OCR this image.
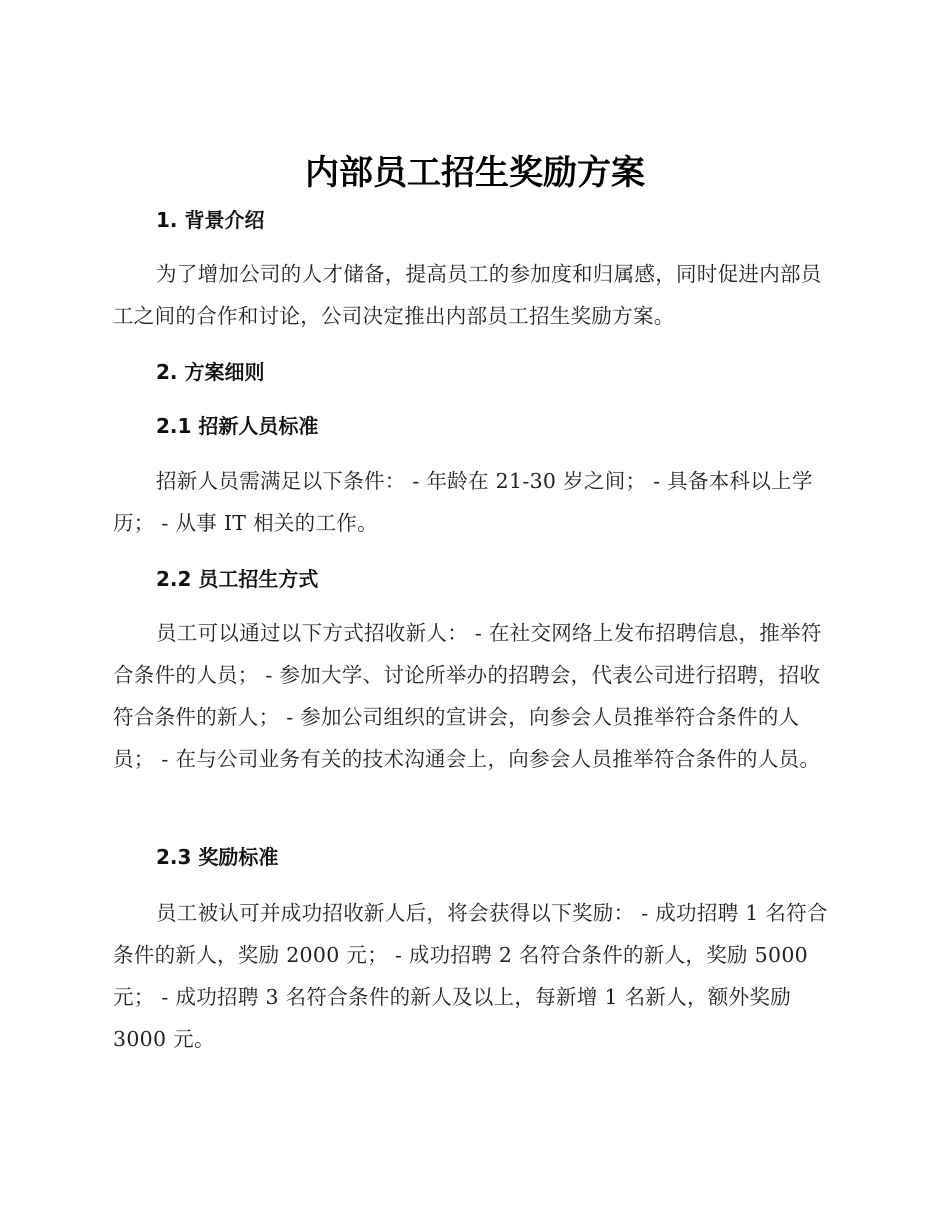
内部员工招生奖励方案
1. 背景介绍
为了增加公司的人才储备，提高员工的参加度和归属感，同时促进内部员工之间的合作和讨论，公司决定推出内部员工招生奖励方案。
2. 方案细则
2.1 招新人员标准
招新人员需满足以下条件： - 年龄在 21-30 岁之间； - 具备本科以上学历； - 从事 IT 相关的工作。
2.2 员工招生方式
员工可以通过以下方式招收新人： - 在社交网络上发布招聘信息，推举符合条件的人员； - 参加大学、讨论所举办的招聘会，代表公司进行招聘，招收符合条件的新人； - 参加公司组织的宣讲会，向参会人员推举符合条件的人员； - 在与公司业务有关的技术沟通会上，向参会人员推举符合条件的人员。
2.3 奖励标准
员工被认可并成功招收新人后，将会获得以下奖励： - 成功招聘 1 名符合条件的新人，奖励 2000 元； - 成功招聘 2 名符合条件的新人，奖励 5000 元； - 成功招聘 3 名符合条件的新人及以上，每新增 1 名新人，额外奖励 3000 元。
